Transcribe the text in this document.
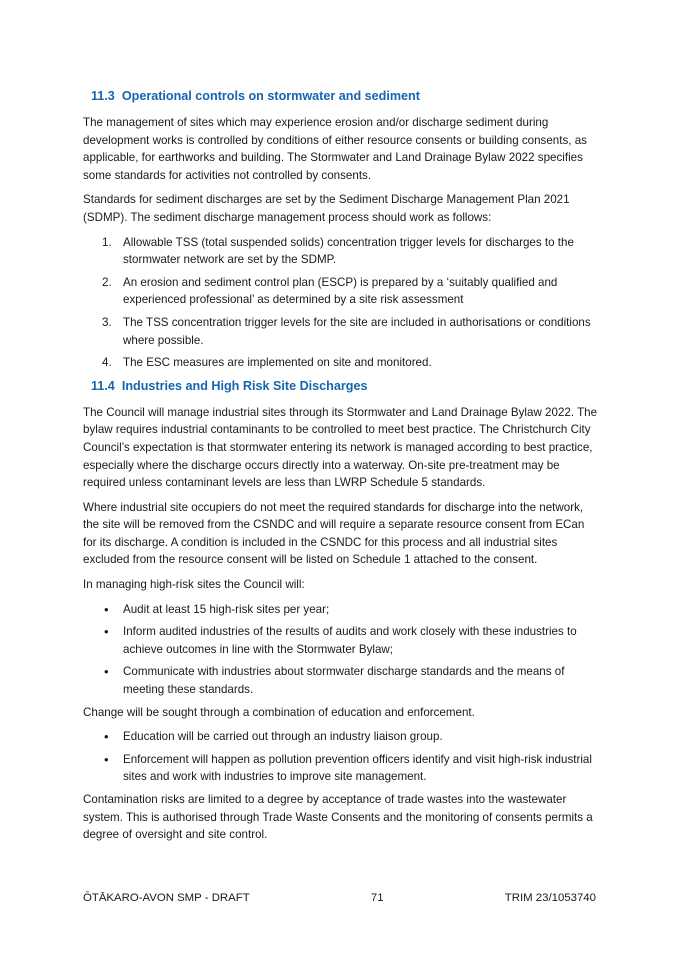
11.3 Operational controls on stormwater and sediment

The management of sites which may experience erosion and/or discharge sediment during development works is controlled by conditions of either resource consents or building consents, as applicable, for earthworks and building. The Stormwater and Land Drainage Bylaw 2022 specifies some standards for activities not controlled by consents.

Standards for sediment discharges are set by the Sediment Discharge Management Plan 2021 (SDMP). The sediment discharge management process should work as follows:

1. Allowable TSS (total suspended solids) concentration trigger levels for discharges to the stormwater network are set by the SDMP.
2. An erosion and sediment control plan (ESCP) is prepared by a ‘suitably qualified and experienced professional’ as determined by a site risk assessment
3. The TSS concentration trigger levels for the site are included in authorisations or conditions where possible.
4. The ESC measures are implemented on site and monitored.
11.4 Industries and High Risk Site Discharges

The Council will manage industrial sites through its Stormwater and Land Drainage Bylaw 2022. The bylaw requires industrial contaminants to be controlled to meet best practice. The Christchurch City Council’s expectation is that stormwater entering its network is managed according to best practice, especially where the discharge occurs directly into a waterway. On-site pre-treatment may be required unless contaminant levels are less than LWRP Schedule 5 standards.

Where industrial site occupiers do not meet the required standards for discharge into the network, the site will be removed from the CSNDC and will require a separate resource consent from ECan for its discharge. A condition is included in the CSNDC for this process and all industrial sites excluded from the resource consent will be listed on Schedule 1 attached to the consent.

In managing high-risk sites the Council will:

• Audit at least 15 high-risk sites per year;
• Inform audited industries of the results of audits and work closely with these industries to achieve outcomes in line with the Stormwater Bylaw;
• Communicate with industries about stormwater discharge standards and the means of meeting these standards.

Change will be sought through a combination of education and enforcement.

• Education will be carried out through an industry liaison group.
• Enforcement will happen as pollution prevention officers identify and visit high-risk industrial sites and work with industries to improve site management.

Contamination risks are limited to a degree by acceptance of trade wastes into the wastewater system. This is authorised through Trade Waste Consents and the monitoring of consents permits a degree of oversight and site control.

ŌTĀKARO-AVON SMP - DRAFT	71	TRIM 23/1053740
